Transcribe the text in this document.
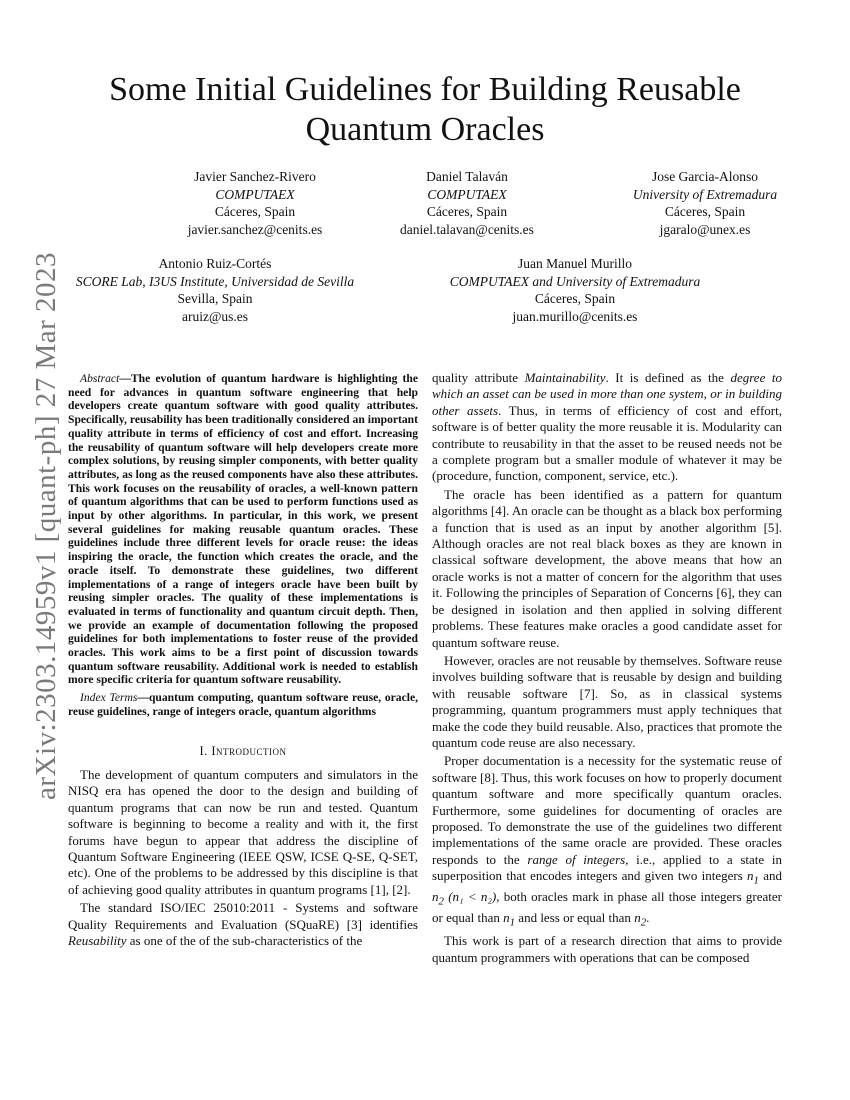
arXiv:2303.14959v1 [quant-ph] 27 Mar 2023
Some Initial Guidelines for Building Reusable Quantum Oracles
Javier Sanchez-Rivero
COMPUTAEX
Cáceres, Spain
javier.sanchez@cenits.es
Daniel Talaván
COMPUTAEX
Cáceres, Spain
daniel.talavan@cenits.es
Jose Garcia-Alonso
University of Extremadura
Cáceres, Spain
jgaralo@unex.es
Antonio Ruiz-Cortés
SCORE Lab, I3US Institute, Universidad de Sevilla
Sevilla, Spain
aruiz@us.es
Juan Manuel Murillo
COMPUTAEX and University of Extremadura
Cáceres, Spain
juan.murillo@cenits.es

Abstract—The evolution of quantum hardware is highlighting the need for advances in quantum software engineering that help developers create quantum software with good quality attributes. Specifically, reusability has been traditionally considered an important quality attribute in terms of efficiency of cost and effort. Increasing the reusability of quantum software will help developers create more complex solutions, by reusing simpler components, with better quality attributes, as long as the reused components have also these attributes. This work focuses on the reusability of oracles, a well-known pattern of quantum algorithms that can be used to perform functions used as input by other algorithms. In particular, in this work, we present several guidelines for making reusable quantum oracles. These guidelines include three different levels for oracle reuse: the ideas inspiring the oracle, the function which creates the oracle, and the oracle itself. To demonstrate these guidelines, two different implementations of a range of integers oracle have been built by reusing simpler oracles. The quality of these implementations is evaluated in terms of functionality and quantum circuit depth. Then, we provide an example of documentation following the proposed guidelines for both implementations to foster reuse of the provided oracles. This work aims to be a first point of discussion towards quantum software reusability. Additional work is needed to establish more specific criteria for quantum software reusability.

Index Terms—quantum computing, quantum software reuse, oracle, reuse guidelines, range of integers oracle, quantum algorithms

I. Introduction

The development of quantum computers and simulators in the NISQ era has opened the door to the design and building of quantum programs that can now be run and tested. Quantum software is beginning to become a reality and with it, the first forums have begun to appear that address the discipline of Quantum Software Engineering (IEEE QSW, ICSE Q-SE, Q-SET, etc). One of the problems to be addressed by this discipline is that of achieving good quality attributes in quantum programs [1], [2].

The standard ISO/IEC 25010:2011 - Systems and software Quality Requirements and Evaluation (SQuaRE) [3] identifies Reusability as one of the of the sub-characteristics of the

quality attribute Maintainability. It is defined as the degree to which an asset can be used in more than one system, or in building other assets. Thus, in terms of efficiency of cost and effort, software is of better quality the more reusable it is. Modularity can contribute to reusability in that the asset to be reused needs not be a complete program but a smaller module of whatever it may be (procedure, function, component, service, etc.).

The oracle has been identified as a pattern for quantum algorithms [4]. An oracle can be thought as a black box performing a function that is used as an input by another algorithm [5]. Although oracles are not real black boxes as they are known in classical software development, the above means that how an oracle works is not a matter of concern for the algorithm that uses it. Following the principles of Separation of Concerns [6], they can be designed in isolation and then applied in solving different problems. These features make oracles a good candidate asset for quantum software reuse.

However, oracles are not reusable by themselves. Software reuse involves building software that is reusable by design and building with reusable software [7]. So, as in classical systems programming, quantum programmers must apply techniques that make the code they build reusable. Also, practices that promote the quantum code reuse are also necessary.

Proper documentation is a necessity for the systematic reuse of software [8]. Thus, this work focuses on how to properly document quantum software and more specifically quantum oracles. Furthermore, some guidelines for documenting of oracles are proposed. To demonstrate the use of the guidelines two different implementations of the same oracle are provided. These oracles responds to the range of integers, i.e., applied to a state in superposition that encodes integers and given two integers $n_1$ and $n_2$ (n₁ < n₂), both oracles mark in phase all those integers greater or equal than $n_1$ and less or equal than $n_2$.

This work is part of a research direction that aims to provide quantum programmers with operations that can be composed
